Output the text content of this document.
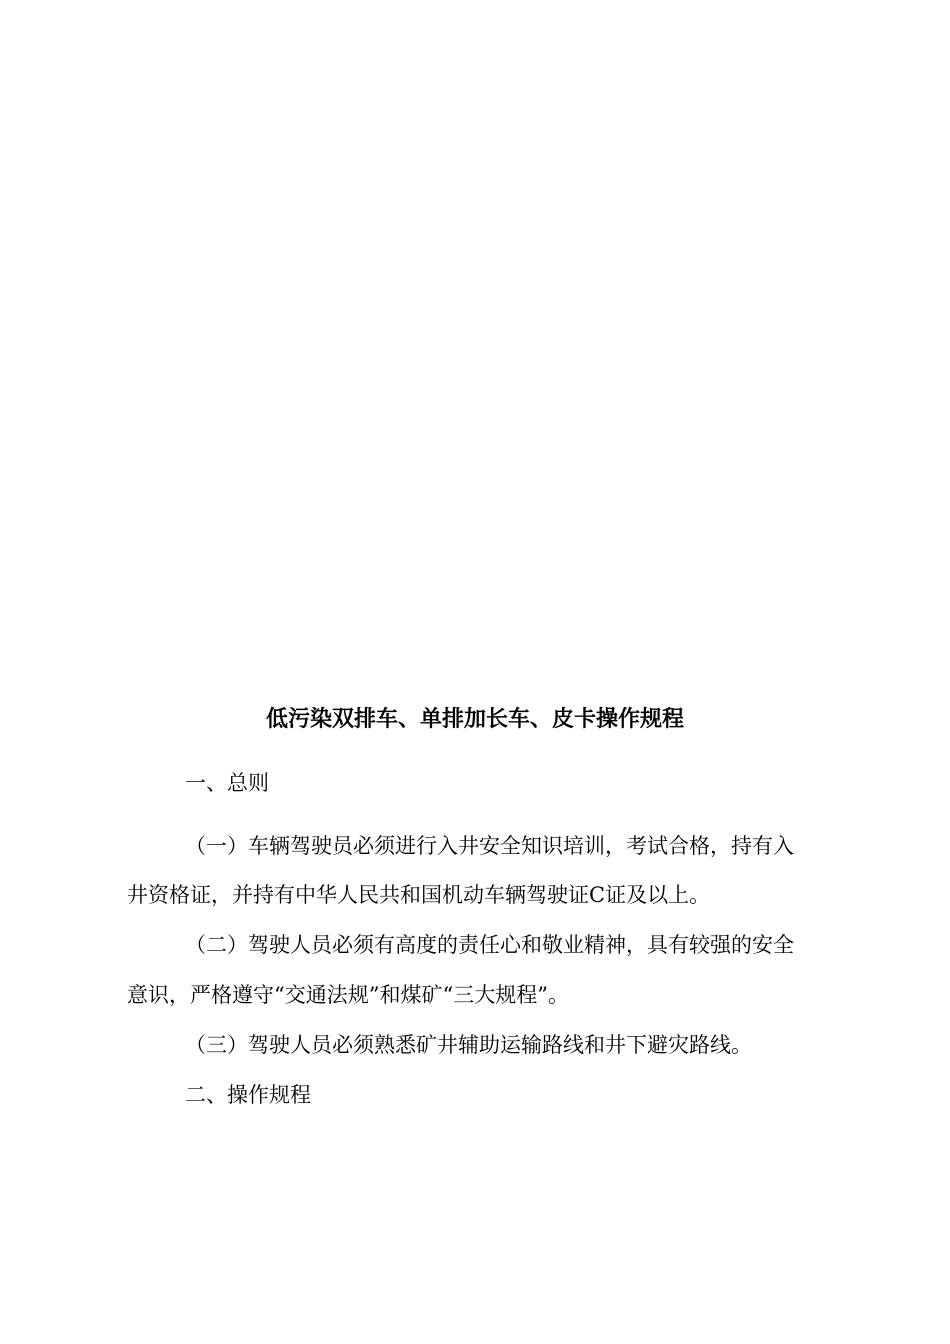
低污染双排车、单排加长车、皮卡操作规程
一、总则
（一）车辆驾驶员必须进行入井安全知识培训，考试合格，持有入
井资格证，并持有中华人民共和国机动车辆驾驶证C证及以上。
（二）驾驶人员必须有高度的责任心和敬业精神，具有较强的安全
意识，严格遵守“交通法规”和煤矿“三大规程”。
（三）驾驶人员必须熟悉矿井辅助运输路线和井下避灾路线。
二、操作规程
